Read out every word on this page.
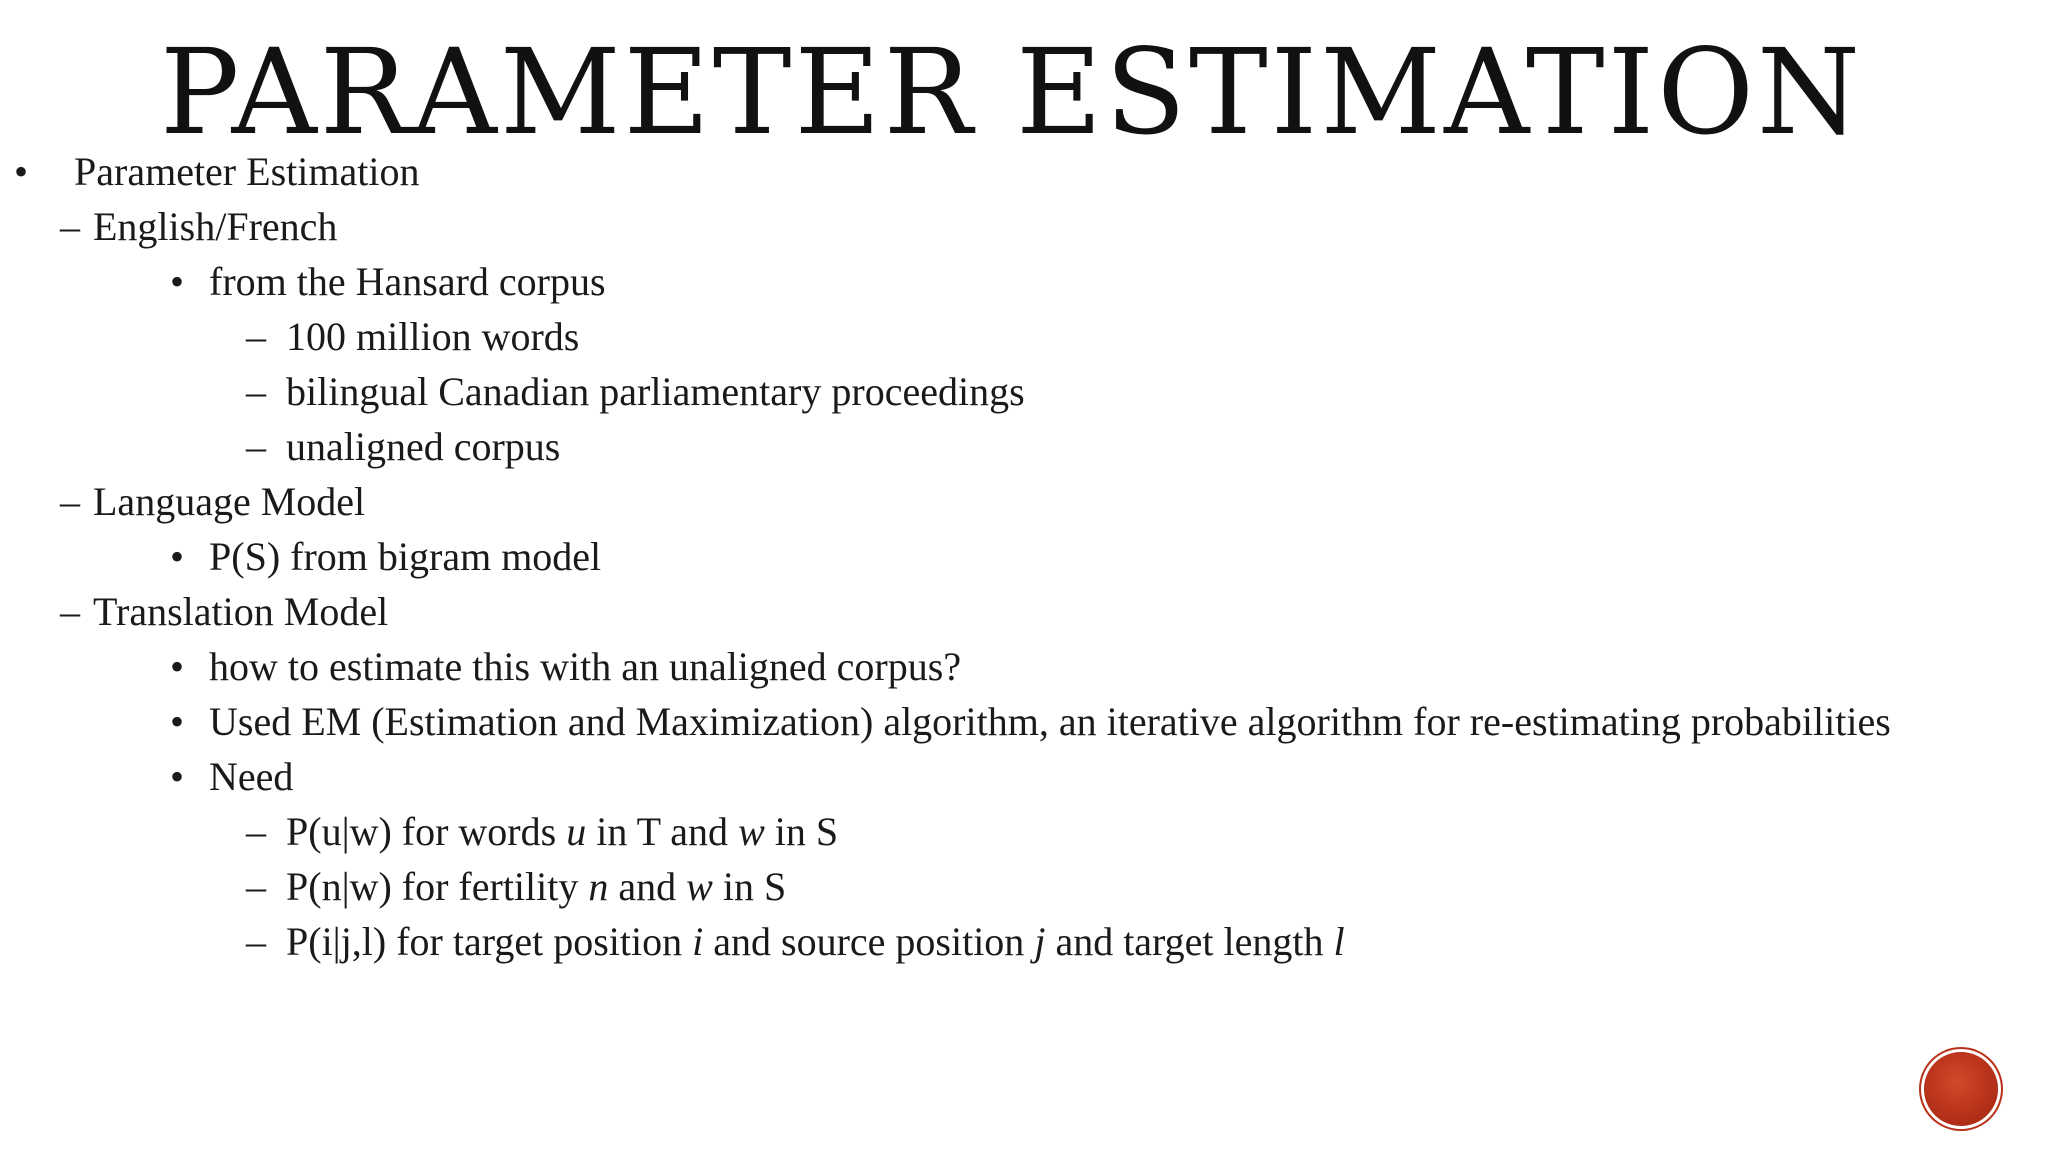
PARAMETER ESTIMATION
• Parameter Estimation
– English/French
• from the Hansard corpus
– 100 million words
– bilingual Canadian parliamentary proceedings
– unaligned corpus
– Language Model
• P(S) from bigram model
– Translation Model
• how to estimate this with an unaligned corpus?
• Used EM (Estimation and Maximization) algorithm, an iterative algorithm for re-estimating probabilities
• Need
– P(u|w) for words u in T and w in S
– P(n|w) for fertility n and w in S
– P(i|j,l) for target position i and source position j and target length l
